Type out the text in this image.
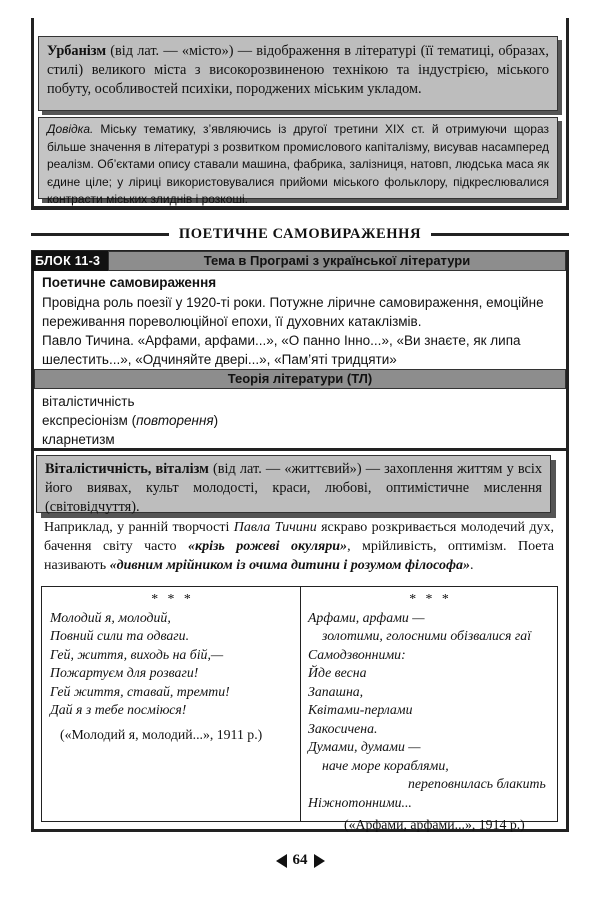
Урбанізм (від лат. — «місто») — відображення в літературі (її тематиці, образах, стилі) великого міста з високорозвиненою технікою та індустрією, міського побуту, особливостей психіки, породжених міським укладом.
Довідка. Міську тематику, з’являючись із другої третини XIX ст. й отримуючи щораз більше значення в літературі з розвитком промислового капіталізму, висував насамперед реалізм. Об’єктами опису ставали машина, фабрика, залізниця, натовп, людська маса як єдине ціле; у ліриці використовувалися прийоми міського фольклору, підкреслювалися контрасти міських злиднів і розкоші.
ПОЕТИЧНЕ САМОВИРАЖЕННЯ
БЛОК 11-3	Тема в Програмі з української літератури
Поетичне самовираження
Провідна роль поезії у 1920-ті роки. Потужне ліричне самовираження, емоційне переживання пореволюційної епохи, її духовних катаклізмів.
Павло Тичина. «Арфами, арфами...», «О панно Інно...», «Ви знаєте, як липа шелестить...», «Одчиняйте двері...», «Пам’яті тридцяти»
Теорія літератури (ТЛ)
віталістичність
експресіонізм (повторення)
кларнетизм
Віталістичність, віталізм (від лат. — «життєвий») — захоплення життям у всіх його виявах, культ молодості, краси, любові, оптимістичне мислення (світовідчуття).
Наприклад, у ранній творчості Павла Тичини яскраво розкривається молодечий дух, бачення світу часто «крізь рожеві окуляри», мрійливість, оптимізм. Поета називають «дивним мрійником із очима дитини і розумом філософа».
* * *
Молодий я, молодий,
Повний сили та одваги.
Гей, життя, виходь на бій,—
Пожартуєм для розваги!
Гей життя, ставай, тремти!
Дай я з тебе посміюся!
(«Молодий я, молодий...», 1911 р.)
* * *
Арфами, арфами —
золотими, голосними обізвалися гаї
Самодзвонними:
Йде весна
Запашна,
Квітами-перлами
Закосичена.
Думами, думами —
наче море кораблями,
переповнилась блакить
Ніжнотонними...
(«Арфами, арфами...», 1914 р.)
64
